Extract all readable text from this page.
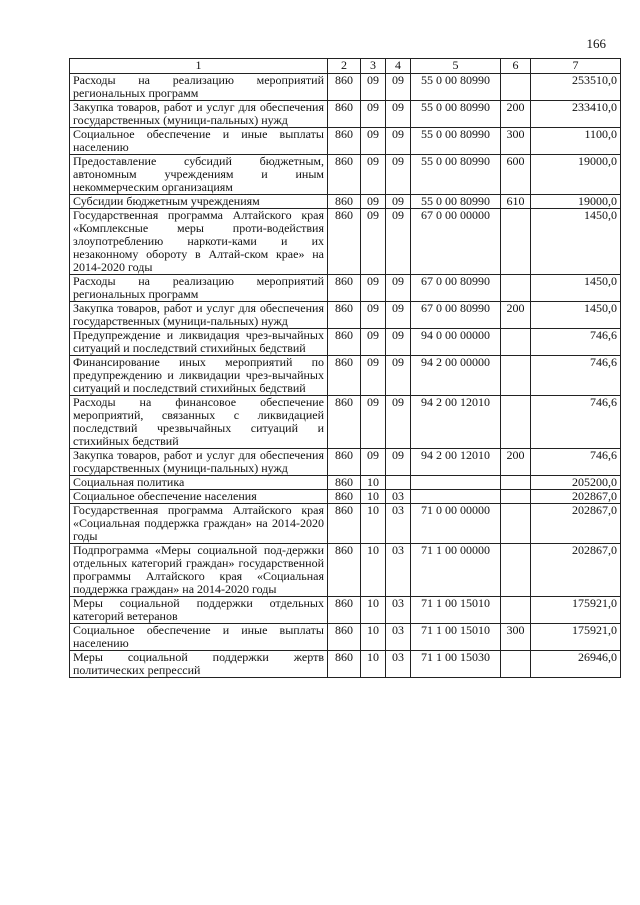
166
1	2	3	4	5	6	7
Расходы на реализацию мероприятий региональных программ	860	09	09	55 0 00 80990		253510,0
Закупка товаров, работ и услуг для обеспечения государственных (муници-пальных) нужд	860	09	09	55 0 00 80990	200	233410,0
Социальное обеспечение и иные выплаты населению	860	09	09	55 0 00 80990	300	1100,0
Предоставление субсидий бюджетным, автономным учреждениям и иным некоммерческим организациям	860	09	09	55 0 00 80990	600	19000,0
Субсидии бюджетным учреждениям	860	09	09	55 0 00 80990	610	19000,0
Государственная программа Алтайского края «Комплексные меры проти-водействия злоупотреблению наркоти-ками и их незаконному обороту в Алтай-ском крае» на 2014-2020 годы	860	09	09	67 0 00 00000		1450,0
Расходы на реализацию мероприятий региональных программ	860	09	09	67 0 00 80990		1450,0
Закупка товаров, работ и услуг для обеспечения государственных (муници-пальных) нужд	860	09	09	67 0 00 80990	200	1450,0
Предупреждение и ликвидация чрез-вычайных ситуаций и последствий стихийных бедствий	860	09	09	94 0 00 00000		746,6
Финансирование иных мероприятий по предупреждению и ликвидации чрез-вычайных ситуаций и последствий стихийных бедствий	860	09	09	94 2 00 00000		746,6
Расходы на финансовое обеспечение мероприятий, связанных с ликвидацией последствий чрезвычайных ситуаций и стихийных бедствий	860	09	09	94 2 00 12010		746,6
Закупка товаров, работ и услуг для обеспечения государственных (муници-пальных) нужд	860	09	09	94 2 00 12010	200	746,6
Социальная политика	860	10				205200,0
Социальное обеспечение населения	860	10	03			202867,0
Государственная программа Алтайского края «Социальная поддержка граждан» на 2014-2020 годы	860	10	03	71 0 00 00000		202867,0
Подпрограмма «Меры социальной под-держки отдельных категорий граждан» государственной программы Алтайского края «Социальная поддержка граждан» на 2014-2020 годы	860	10	03	71 1 00 00000		202867,0
Меры социальной поддержки отдельных категорий ветеранов	860	10	03	71 1 00 15010		175921,0
Социальное обеспечение и иные выплаты населению	860	10	03	71 1 00 15010	300	175921,0
Меры социальной поддержки жертв политических репрессий	860	10	03	71 1 00 15030		26946,0
